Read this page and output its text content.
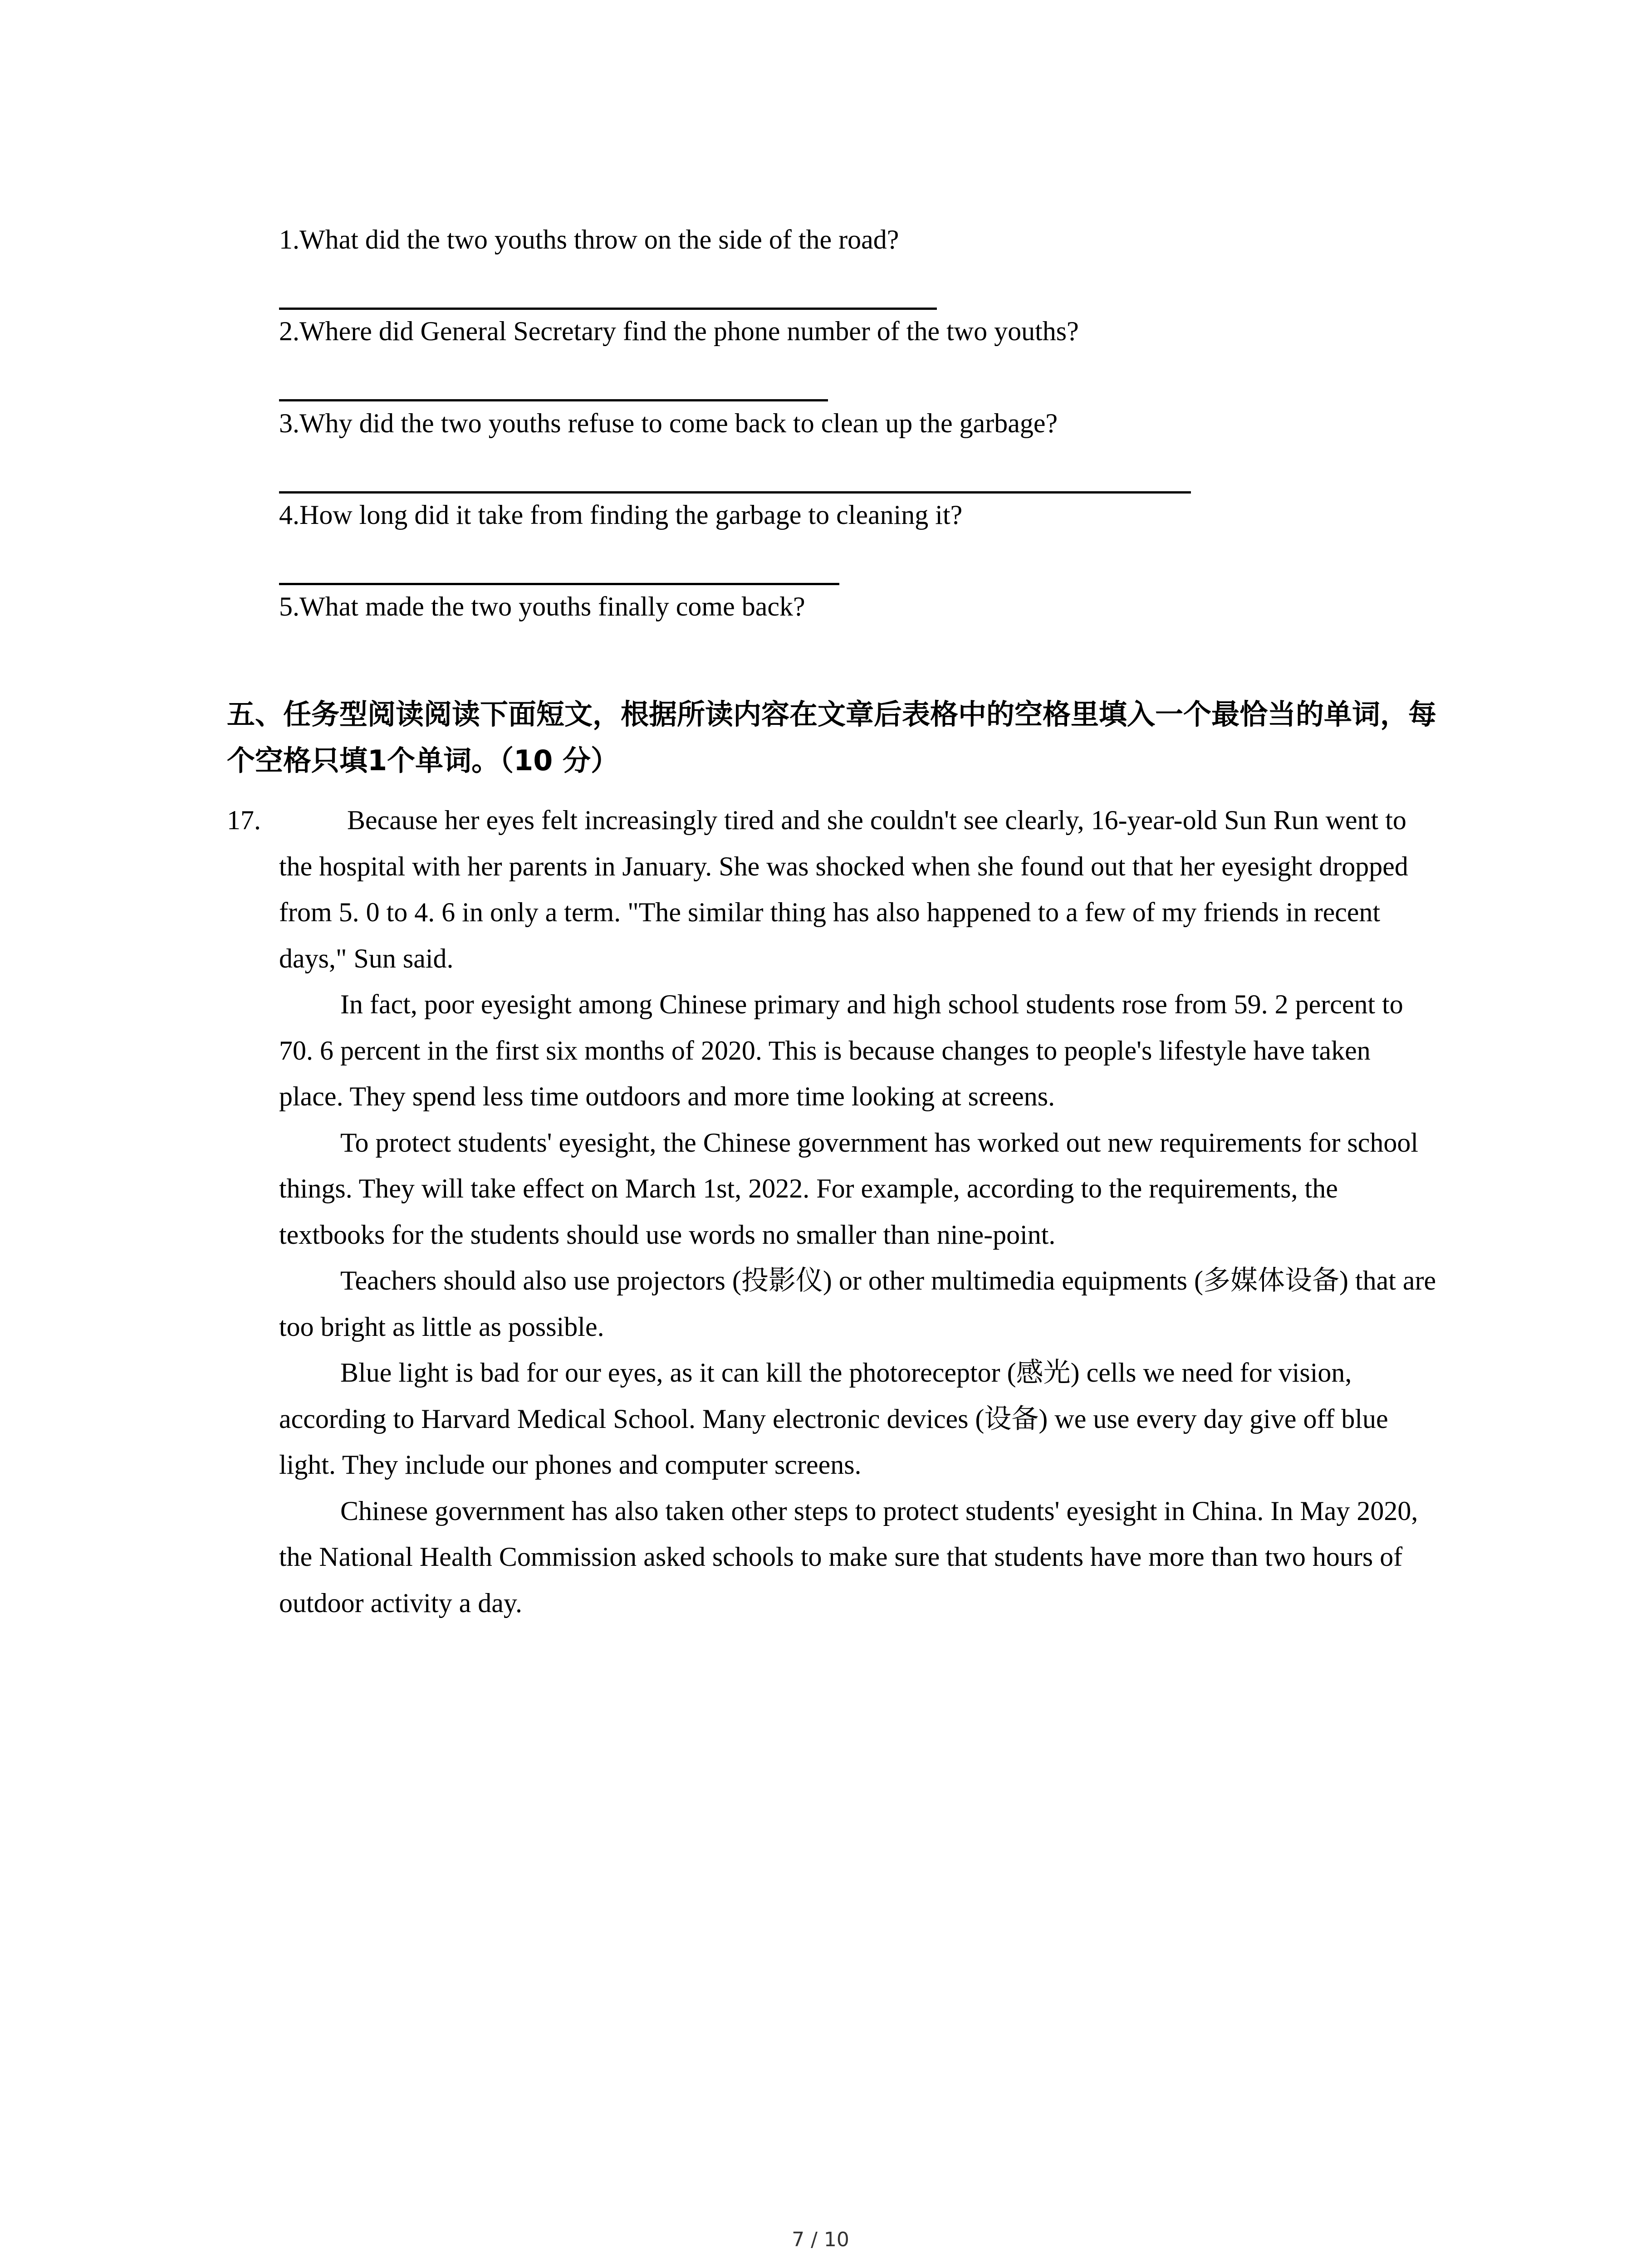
1.What did the two youths throw on the side of the road?
2.Where did General Secretary find the phone number of the two youths?
3.Why did the two youths refuse to come back to clean up the garbage?
4.How long did it take from finding the garbage to cleaning it?
5.What made the two youths finally come back?
五、任务型阅读阅读下面短文，根据所读内容在文章后表格中的空格里填入一个最恰当的单词，每个空格只填1个单词。（10 分）
17.	Because her eyes felt increasingly tired and she couldn't see clearly, 16-year-old Sun Run went to the hospital with her parents in January. She was shocked when she found out that her eyesight dropped from 5. 0 to 4. 6 in only a term. "The similar thing has also happened to a few of my friends in recent days," Sun said.

In fact, poor eyesight among Chinese primary and high school students rose from 59. 2 percent to 70. 6 percent in the first six months of 2020. This is because changes to people's lifestyle have taken place. They spend less time outdoors and more time looking at screens.

To protect students' eyesight, the Chinese government has worked out new requirements for school things. They will take effect on March 1st, 2022. For example, according to the requirements, the textbooks for the students should use words no smaller than nine-point.

Teachers should also use projectors (投影仪) or other multimedia equipments (多媒体设备) that are too bright as little as possible.

Blue light is bad for our eyes, as it can kill the photoreceptor (感光) cells we need for vision, according to Harvard Medical School. Many electronic devices (设备) we use every day give off blue light. They include our phones and computer screens.

Chinese government has also taken other steps to protect students' eyesight in China. In May 2020, the National Health Commission asked schools to make sure that students have more than two hours of outdoor activity a day.

7 / 10
